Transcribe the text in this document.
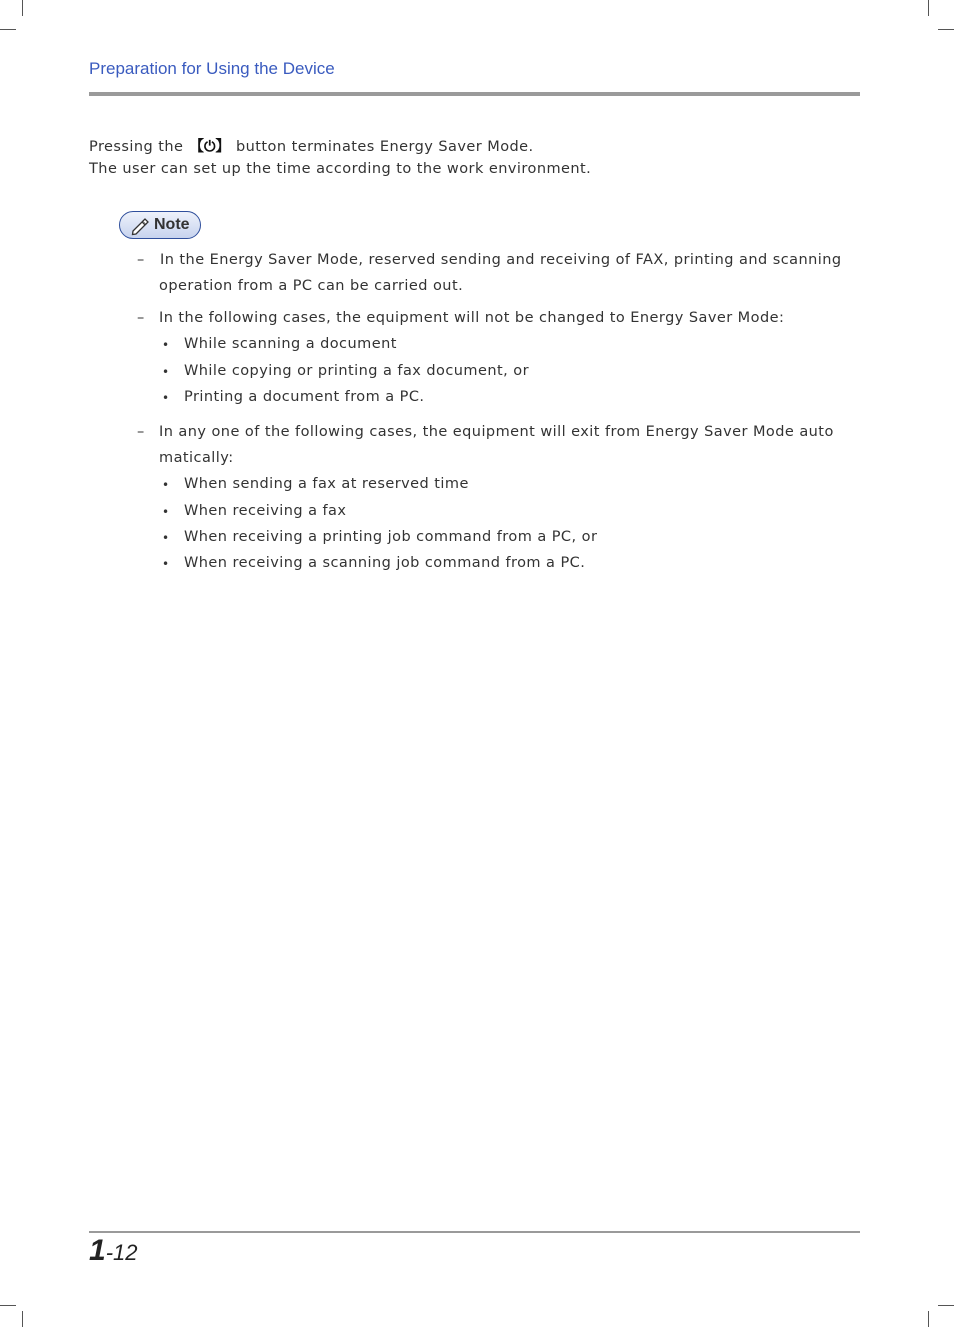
Preparation for Using the Device
Pressing the 【⏻】 button terminates Energy Saver Mode.
The user can set up the time according to the work environment.
Note
– In the Energy Saver Mode, reserved sending and receiving of FAX, printing and scanning
operation from a PC can be carried out.
– In the following cases, the equipment will not be changed to Energy Saver Mode:
• While scanning a document
• While copying or printing a fax document, or
• Printing a document from a PC.
– In any one of the following cases, the equipment will exit from Energy Saver Mode auto
matically:
• When sending a fax at reserved time
• When receiving a fax
• When receiving a printing job command from a PC, or
• When receiving a scanning job command from a PC.
1-12
